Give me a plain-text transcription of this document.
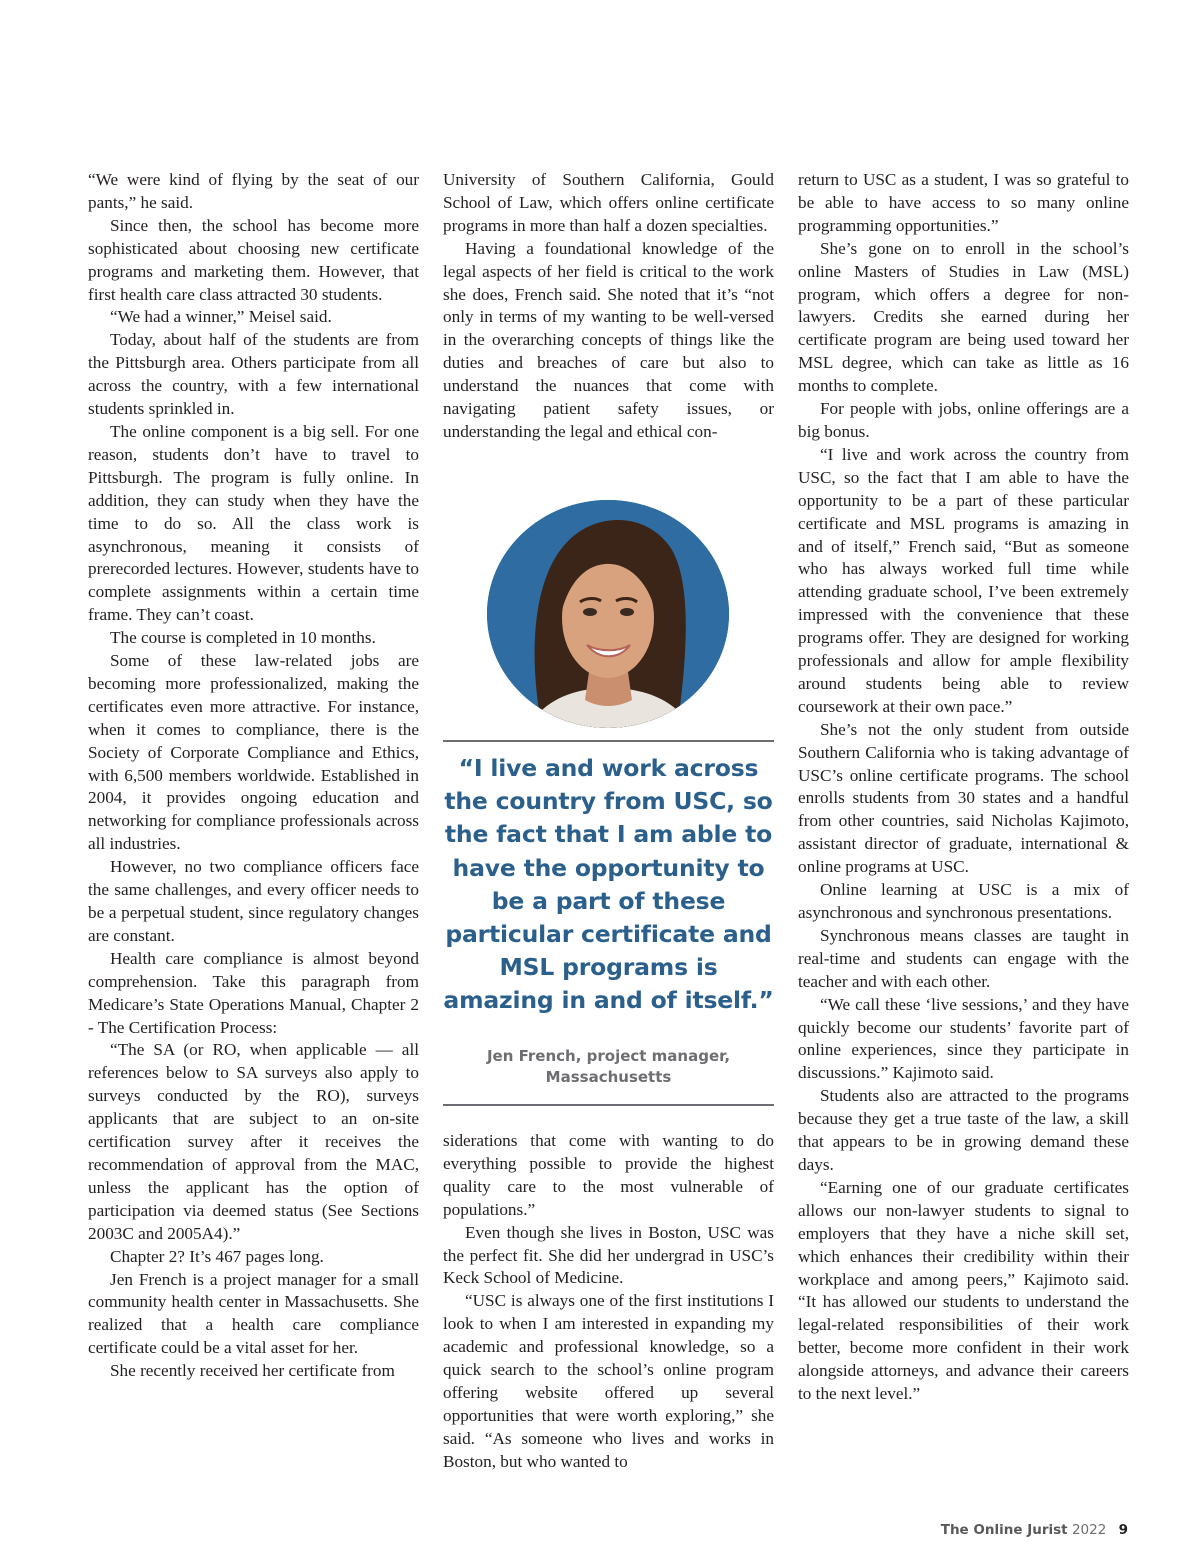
“We were kind of flying by the seat of our pants,” he said.

Since then, the school has become more sophisticated about choosing new certificate programs and marketing them. However, that first health care class attracted 30 students.

“We had a winner,” Meisel said.

Today, about half of the students are from the Pittsburgh area. Others participate from all across the country, with a few international students sprinkled in.

The online component is a big sell. For one reason, students don’t have to travel to Pittsburgh. The program is fully online. In addition, they can study when they have the time to do so. All the class work is asynchronous, meaning it consists of prerecorded lectures. However, students have to complete assignments within a certain time frame. They can’t coast.

The course is completed in 10 months.

Some of these law-related jobs are becoming more professionalized, making the certificates even more attractive. For instance, when it comes to compliance, there is the Society of Corporate Compliance and Ethics, with 6,500 members worldwide. Established in 2004, it provides ongoing education and networking for compliance professionals across all industries.

However, no two compliance officers face the same challenges, and every officer needs to be a perpetual student, since regulatory changes are constant.

Health care compliance is almost beyond comprehension. Take this paragraph from Medicare’s State Operations Manual, Chapter 2 - The Certification Process:

“The SA (or RO, when applicable — all references below to SA surveys also apply to surveys conducted by the RO), surveys applicants that are subject to an on-site certification survey after it receives the recommendation of approval from the MAC, unless the applicant has the option of participation via deemed status (See Sections 2003C and 2005A4).”

Chapter 2? It’s 467 pages long.

Jen French is a project manager for a small community health center in Massachusetts. She realized that a health care compliance certificate could be a vital asset for her.

She recently received her certificate from

University of Southern California, Gould School of Law, which offers online certificate programs in more than half a dozen specialties.

Having a foundational knowledge of the legal aspects of her field is critical to the work she does, French said. She noted that it’s “not only in terms of my wanting to be well-versed in the overarching concepts of things like the duties and breaches of care but also to understand the nuances that come with navigating patient safety issues, or understanding the legal and ethical con-

“I live and work across the country from USC, so the fact that I am able to have the opportunity to be a part of these particular certificate and MSL programs is amazing in and of itself.”
Jen French, project manager,
Massachusetts

siderations that come with wanting to do everything possible to provide the highest quality care to the most vulnerable of populations.”

Even though she lives in Boston, USC was the perfect fit. She did her undergrad in USC’s Keck School of Medicine.

“USC is always one of the first institutions I look to when I am interested in expanding my academic and professional knowledge, so a quick search to the school’s online program offering website offered up several opportunities that were worth exploring,” she said. “As someone who lives and works in Boston, but who wanted to

return to USC as a student, I was so grateful to be able to have access to so many online programming opportunities.”

She’s gone on to enroll in the school’s online Masters of Studies in Law (MSL) program, which offers a degree for non-lawyers. Credits she earned during her certificate program are being used toward her MSL degree, which can take as little as 16 months to complete.

For people with jobs, online offerings are a big bonus.

“I live and work across the country from USC, so the fact that I am able to have the opportunity to be a part of these particular certificate and MSL programs is amazing in and of itself,” French said, “But as someone who has always worked full time while attending graduate school, I’ve been extremely impressed with the convenience that these programs offer. They are designed for working professionals and allow for ample flexibility around students being able to review coursework at their own pace.”

She’s not the only student from outside Southern California who is taking advantage of USC’s online certificate programs. The school enrolls students from 30 states and a handful from other countries, said Nicholas Kajimoto, assistant director of graduate, international & online programs at USC.

Online learning at USC is a mix of asynchronous and synchronous presentations.

Synchronous means classes are taught in real-time and students can engage with the teacher and with each other.

“We call these ‘live sessions,’ and they have quickly become our students’ favorite part of online experiences, since they participate in discussions.” Kajimoto said.

Students also are attracted to the programs because they get a true taste of the law, a skill that appears to be in growing demand these days.

“Earning one of our graduate certificates allows our non-lawyer students to signal to employers that they have a niche skill set, which enhances their credibility within their workplace and among peers,” Kajimoto said. “It has allowed our students to understand the legal-related responsibilities of their work better, become more confident in their work alongside attorneys, and advance their careers to the next level.”

The Online Jurist 2022 9
